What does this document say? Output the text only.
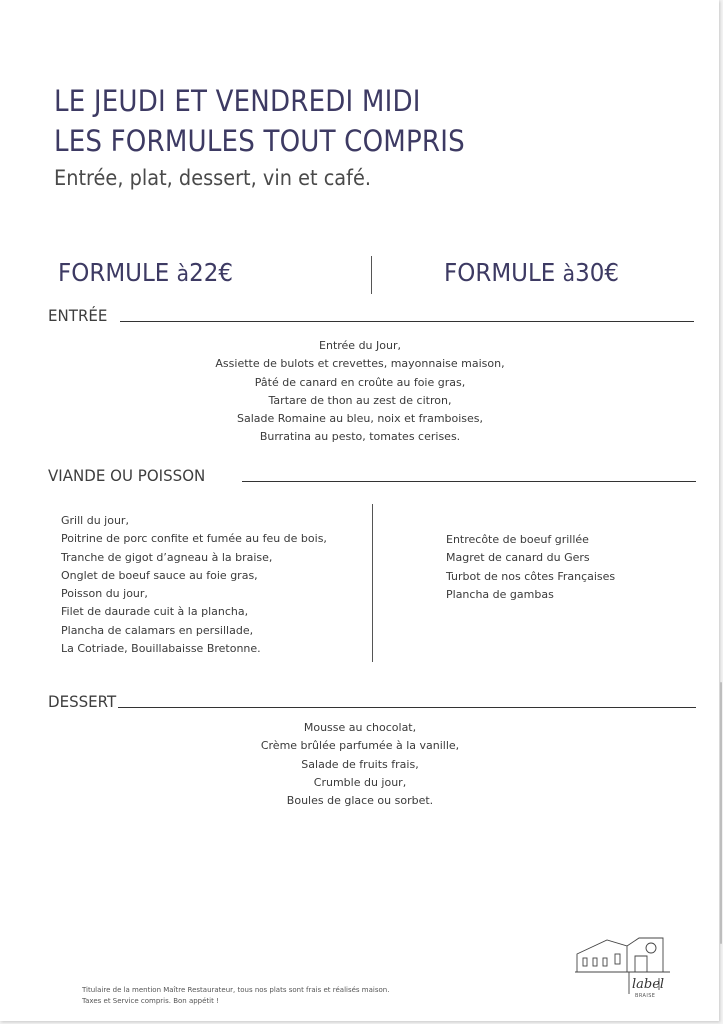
LE JEUDI ET VENDREDI MIDI
LES FORMULES TOUT COMPRIS
Entrée, plat, dessert, vin et café.
FORMULE à22€	FORMULE à30€
ENTRÉE
Entrée du Jour,
Assiette de bulots et crevettes, mayonnaise maison,
Pâté de canard en croûte au foie gras,
Tartare de thon au zest de citron,
Salade Romaine au bleu, noix et framboises,
Burratina au pesto, tomates cerises.
VIANDE OU POISSON
Grill du jour,
Poitrine de porc confite et fumée au feu de bois,
Tranche de gigot d’agneau à la braise,
Onglet de boeuf sauce au foie gras,
Poisson du jour,
Filet de daurade cuit à la plancha,
Plancha de calamars en persillade,
La Cotriade, Bouillabaisse Bretonne.
Entrecôte de boeuf grillée
Magret de canard du Gers
Turbot de nos côtes Françaises
Plancha de gambas
DESSERT
Mousse au chocolat,
Crème brûlée parfumée à la vanille,
Salade de fruits frais,
Crumble du jour,
Boules de glace ou sorbet.
Titulaire de la mention Maître Restaurateur, tous nos plats sont frais et réalisés maison.
Taxes et Service compris. Bon appétit !
label
BRAISE
